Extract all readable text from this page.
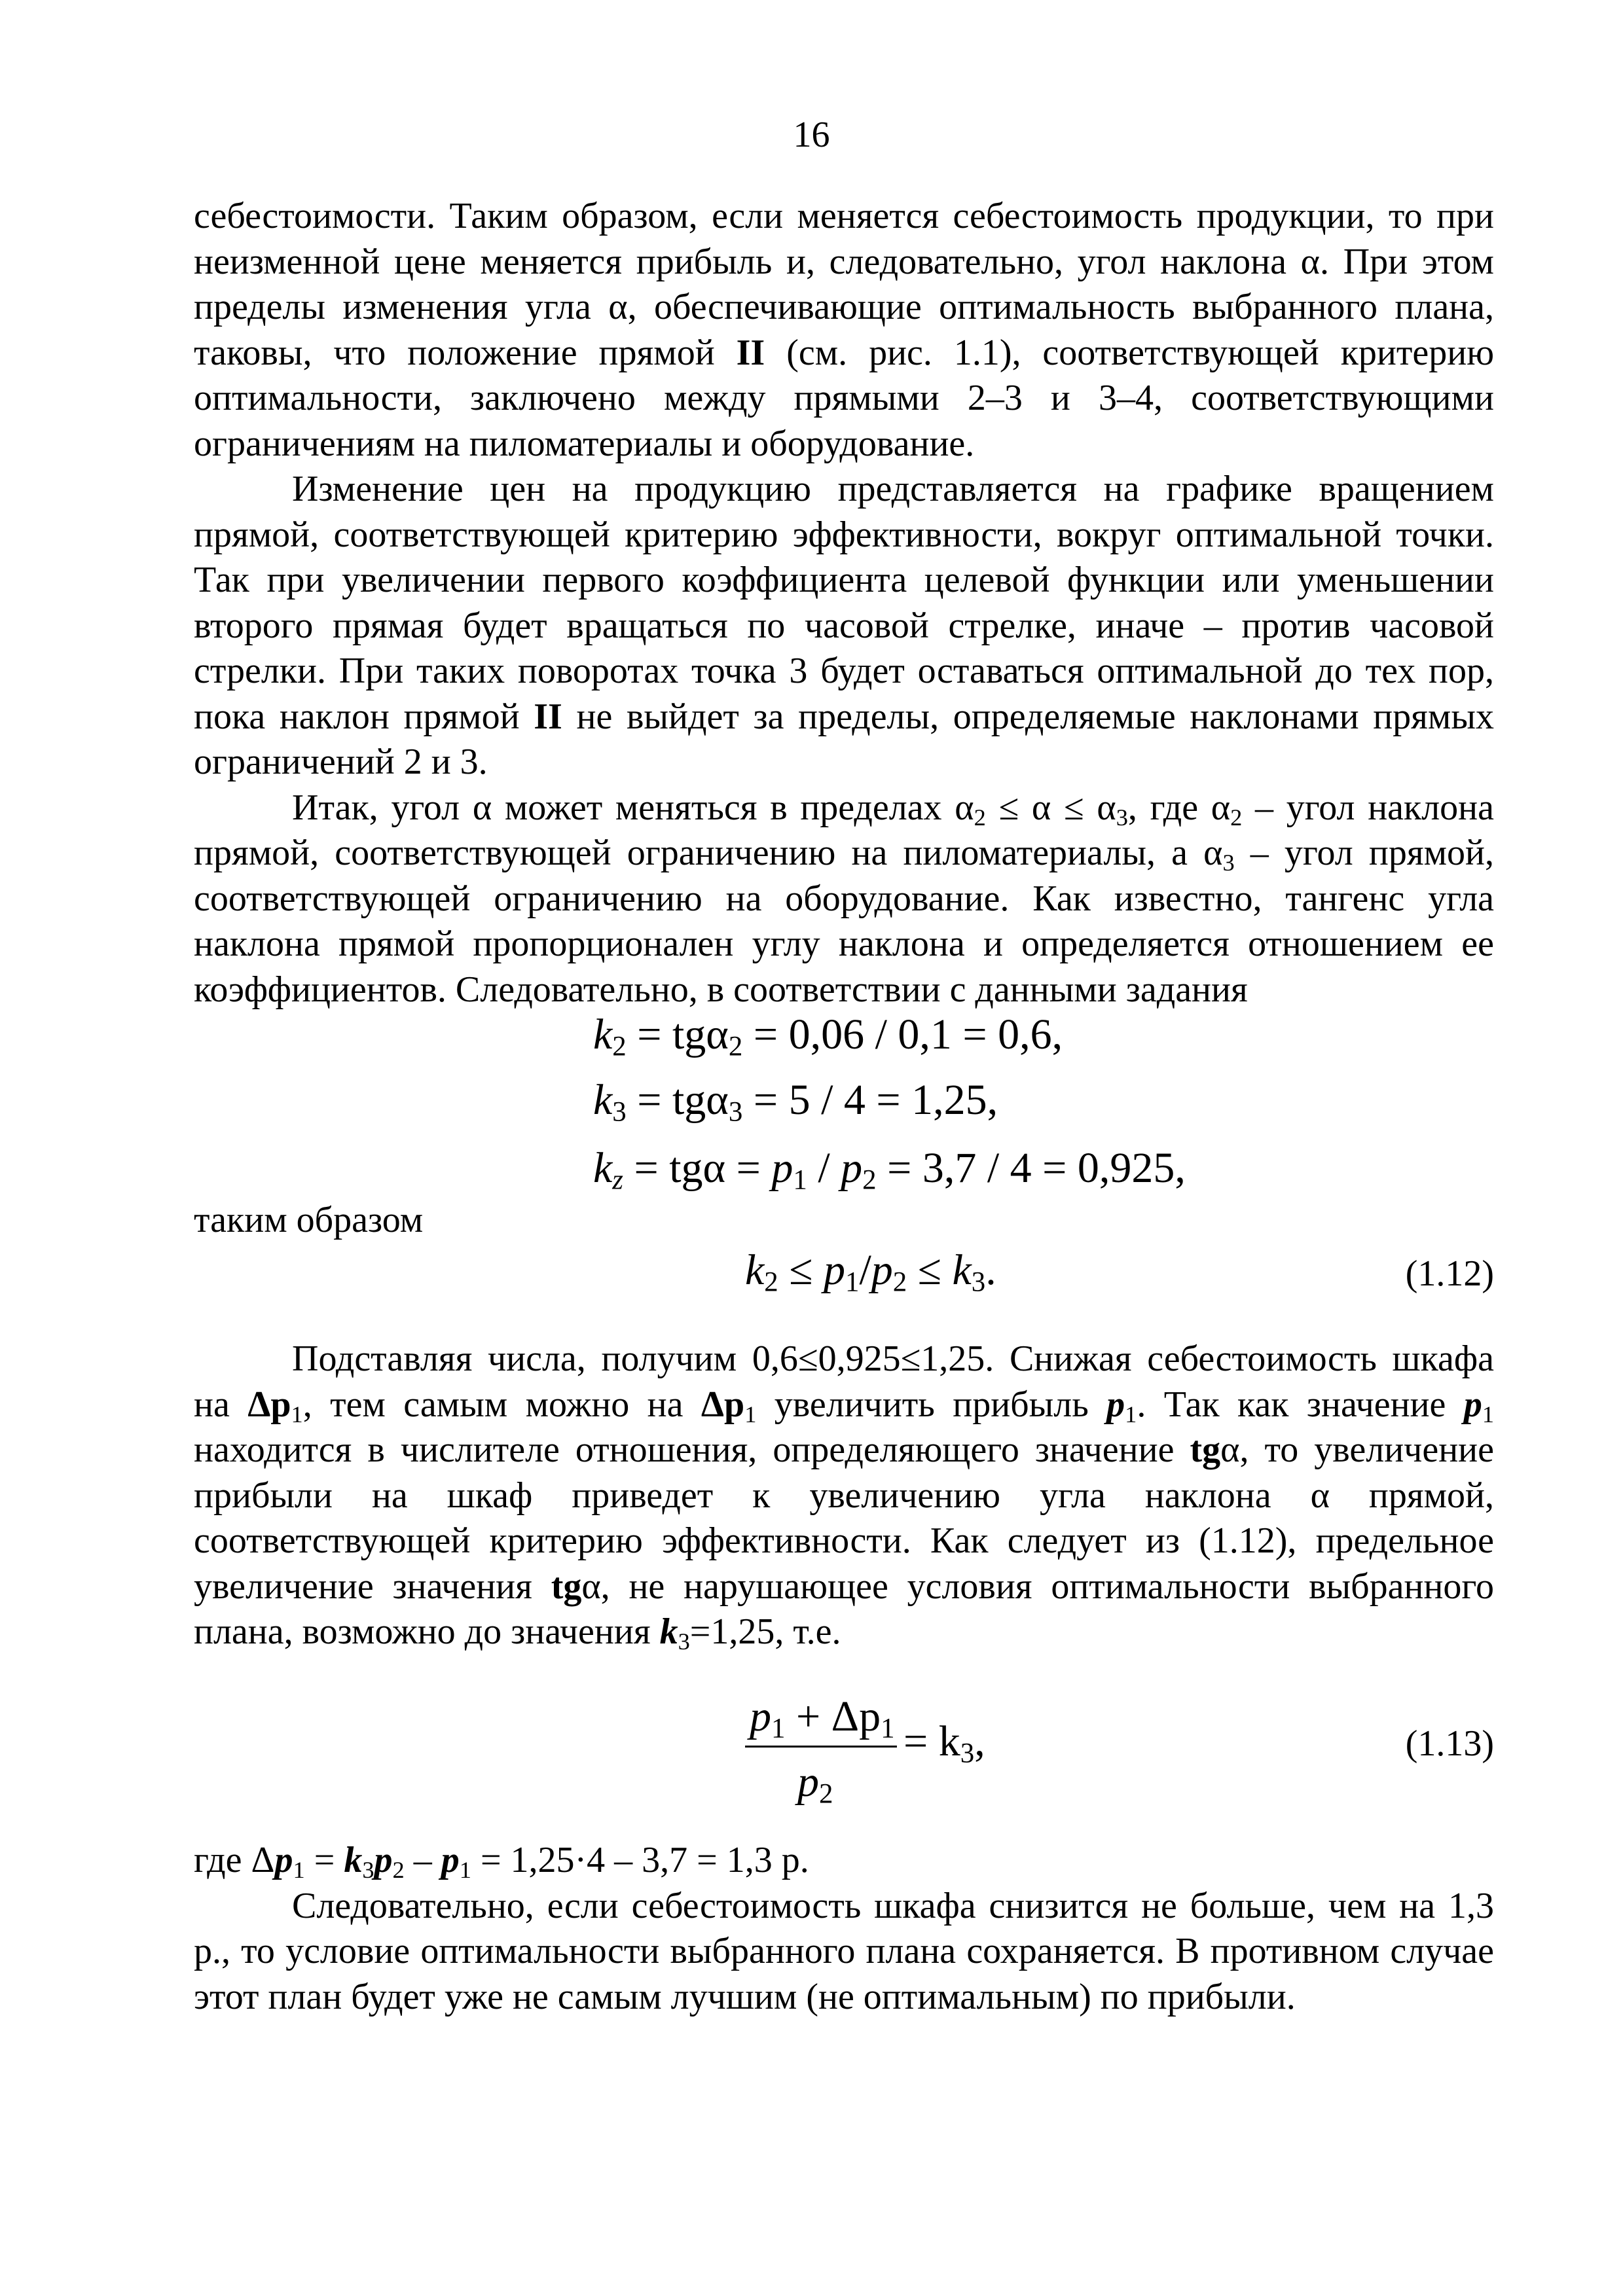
16

себестоимости. Таким образом, если меняется себестоимость продукции, то при неизменной цене меняется прибыль и, следовательно, угол наклона α. При этом пределы изменения угла α, обеспечивающие оптимальность выбранного плана, таковы, что положение прямой II (см. рис. 1.1), соответствующей критерию оптимальности, заключено между прямыми 2–3 и 3–4, соответствующими ограничениям на пиломатериалы и оборудование.

Изменение цен на продукцию представляется на графике вращением прямой, соответствующей критерию эффективности, вокруг оптимальной точки. Так при увеличении первого коэффициента целевой функции или уменьшении второго прямая будет вращаться по часовой стрелке, иначе – против часовой стрелки. При таких поворотах точка 3 будет оставаться оптимальной до тех пор, пока наклон прямой II не выйдет за пределы, определяемые наклонами прямых ограничений 2 и 3.

Итак, угол α может меняться в пределах $\alpha_2 \le \alpha \le \alpha_3$, где $\alpha_2$ – угол наклона прямой, соответствующей ограничению на пиломатериалы, а $\alpha_3$ – угол прямой, соответствующей ограничению на оборудование. Как известно, тангенс угла наклона прямой пропорционален углу наклона и определяется отношением ее коэффициентов. Следовательно, в соответствии с данными задания

$k_2 = tg\alpha_2 = 0,06 / 0,1 = 0,6$,
$k_3 = tg\alpha_3 = 5 / 4 = 1,25$,
$k_z = tg\alpha = p_1 / p_2 = 3,7 / 4 = 0,925$,
таким образом
$k_2 \le p_1/p_2 \le k_3$.	(1.12)

Подставляя числа, получим 0,6≤0,925≤1,25. Снижая себестоимость шкафа на $\Delta p_1$, тем самым можно на $\Delta p_1$ увеличить прибыль $p_1$. Так как значение $p_1$ находится в числителе отношения, определяющего значение tgα, то увеличение прибыли на шкаф приведет к увеличению угла наклона α прямой, соответствующей критерию эффективности. Как следует из (1.12), предельное увеличение значения tgα, не нарушающее условия оптимальности выбранного плана, возможно до значения $k_3=1,25$, т.е.

$p_1 + \Delta p_1$
$p_2$
= $k_3$,	(1.13)

где $\Delta p_1 = k_3p_2 - p_1 = 1,25\cdot 4 - 3,7 = 1,3$ р.

Следовательно, если себестоимость шкафа снизится не больше, чем на 1,3 р., то условие оптимальности выбранного плана сохраняется. В противном случае этот план будет уже не самым лучшим (не оптимальным) по прибыли.
